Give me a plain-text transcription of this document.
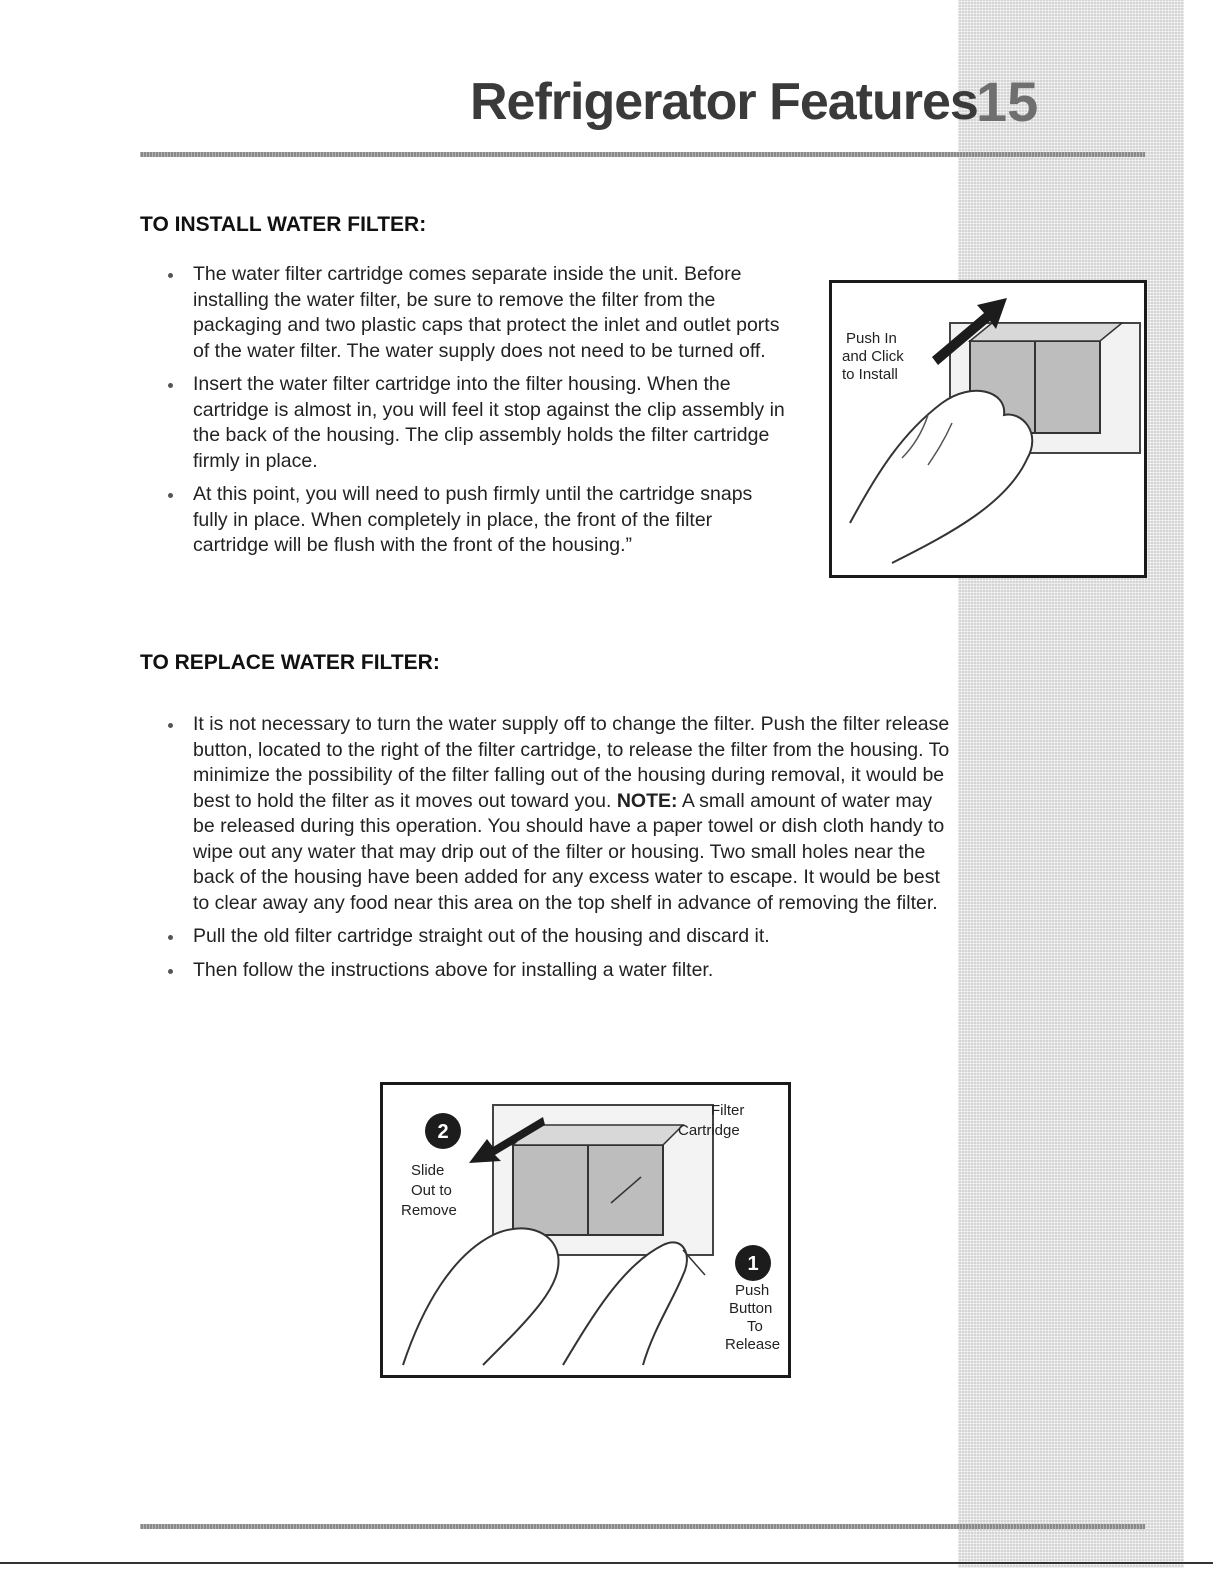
Refrigerator Features
15
TO INSTALL WATER FILTER:
The water filter cartridge comes separate inside the unit. Before installing the water filter, be sure to remove the filter from the packaging and two plastic caps that protect the inlet and outlet ports of the water filter. The water supply does not need to be turned off.
Insert the water filter cartridge into the filter housing. When the cartridge is almost in, you will feel it stop against the clip assembly in the back of the housing. The clip assembly holds the filter cartridge firmly in place.
At this point, you will need to push firmly until the cartridge snaps fully in place. When completely in place, the front of the filter cartridge will be flush with the front of the housing.”
Push In
and Click
to Install
TO REPLACE WATER FILTER:
It is not necessary to turn the water supply off to change the filter. Push the filter release button, located to the right of the filter cartridge, to release the filter from the housing. To minimize the possibility of the filter falling out of the housing during removal, it would be best to hold the filter as it moves out toward you. NOTE: A small amount of water may be released during this operation. You should have a paper towel or dish cloth handy to wipe out any water that may drip out of the filter or housing. Two small holes near the back of the housing have been added for any excess water to escape. It would be best to clear away any food near this area on the top shelf in advance of removing the filter.
Pull the old filter cartridge straight out of the housing and discard it.
Then follow the instructions above for installing a water filter.
2
1
Slide
Out to
Remove
Filter
Cartridge
Push
Button
To
Release
